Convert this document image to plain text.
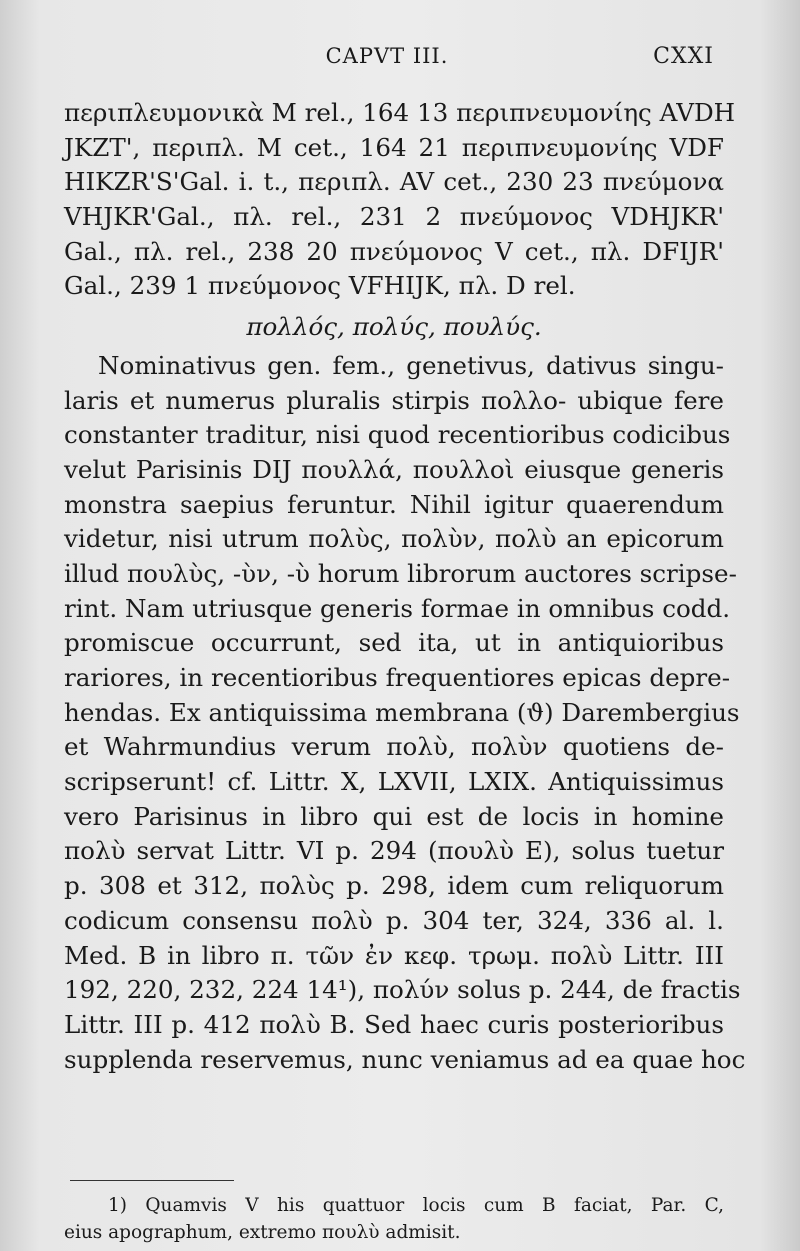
CAPVT III.	CXXI
περιπλευμονικὰ M rel., 164 13 περιπνευμονίης AVDH
JKZT', περιπλ. M cet., 164 21 περιπνευμονίης VDF
HIKZR'S'Gal. i. t., περιπλ. AV cet., 230 23 πνεύμονα
VHJKR'Gal., πλ. rel., 231 2 πνεύμονος VDHJKR'
Gal., πλ. rel., 238 20 πνεύμονος V cet., πλ. DFIJR'
Gal., 239 1 πνεύμονος VFHIJK, πλ. D rel.
πολλός, πολύς, πουλύς.
Nominativus gen. fem., genetivus, dativus singu-
laris et numerus pluralis stirpis πολλο- ubique fere
constanter traditur, nisi quod recentioribus codicibus
velut Parisinis DIJ πουλλά, πουλλοὶ eiusque generis
monstra saepius feruntur. Nihil igitur quaerendum
videtur, nisi utrum πολὺς, πολὺν, πολὺ an epicorum
illud πουλὺς, -ὺν, -ὺ horum librorum auctores scripse-
rint. Nam utriusque generis formae in omnibus codd.
promiscue occurrunt, sed ita, ut in antiquioribus
rariores, in recentioribus frequentiores epicas depre-
hendas. Ex antiquissima membrana (ϑ) Darembergius
et Wahrmundius verum πολὺ, πολὺν quotiens de-
scripserunt! cf. Littr. X, LXVII, LXIX. Antiquissimus
vero Parisinus in libro qui est de locis in homine
πολὺ servat Littr. VI p. 294 (πουλὺ E), solus tuetur
p. 308 et 312, πολὺς p. 298, idem cum reliquorum
codicum consensu πολὺ p. 304 ter, 324, 336 al. l.
Med. B in libro π. τῶν ἐν κεφ. τρωμ. πολὺ Littr. III
192, 220, 232, 224 14¹), πολύν solus p. 244, de fractis
Littr. III p. 412 πολὺ B. Sed haec curis posterioribus
supplenda reservemus, nunc veniamus ad ea quae hoc
1) Quamvis V his quattuor locis cum B faciat, Par. C,
eius apographum, extremo πουλὺ admisit.
